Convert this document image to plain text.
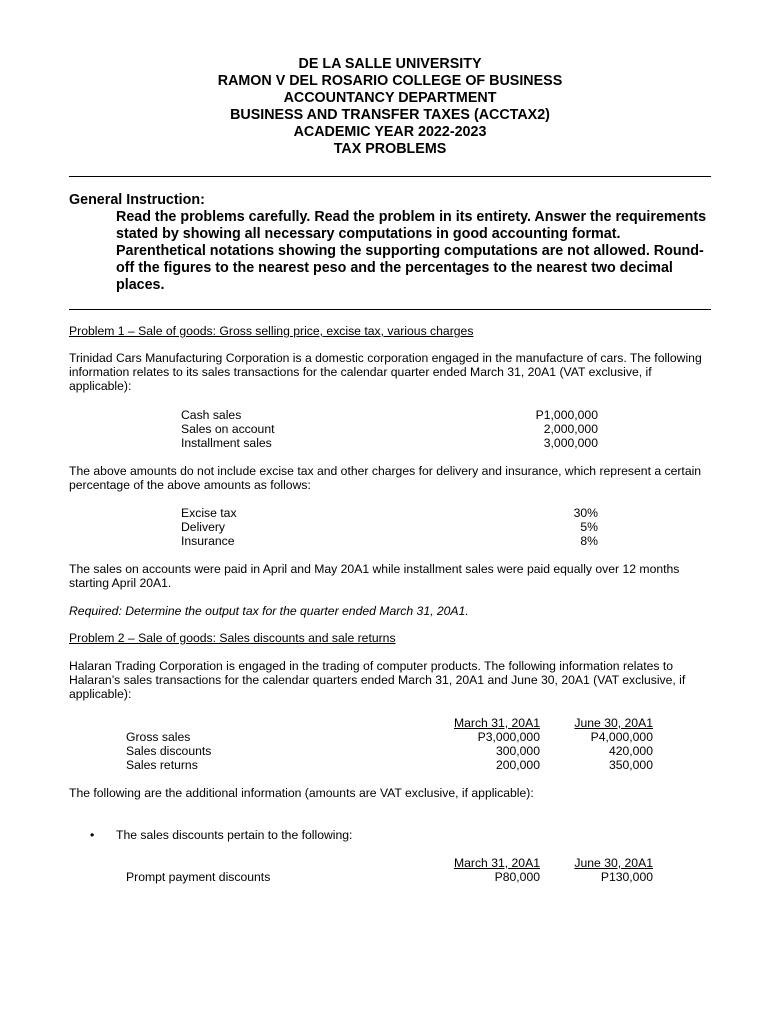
DE LA SALLE UNIVERSITY
RAMON V DEL ROSARIO COLLEGE OF BUSINESS
ACCOUNTANCY DEPARTMENT
BUSINESS AND TRANSFER TAXES (ACCTAX2)
ACADEMIC YEAR 2022-2023
TAX PROBLEMS
General Instruction:
Read the problems carefully. Read the problem in its entirety. Answer the requirements stated by showing all necessary computations in good accounting format. Parenthetical notations showing the supporting computations are not allowed. Round-off the figures to the nearest peso and the percentages to the nearest two decimal places.

Problem 1 – Sale of goods: Gross selling price, excise tax, various charges

Trinidad Cars Manufacturing Corporation is a domestic corporation engaged in the manufacture of cars. The following information relates to its sales transactions for the calendar quarter ended March 31, 20A1 (VAT exclusive, if applicable):

Cash sales	P1,000,000
Sales on account	2,000,000
Installment sales	3,000,000

The above amounts do not include excise tax and other charges for delivery and insurance, which represent a certain percentage of the above amounts as follows:

Excise tax	30%
Delivery	5%
Insurance	8%

The sales on accounts were paid in April and May 20A1 while installment sales were paid equally over 12 months starting April 20A1.

Required: Determine the output tax for the quarter ended March 31, 20A1.

Problem 2 – Sale of goods: Sales discounts and sale returns

Halaran Trading Corporation is engaged in the trading of computer products. The following information relates to Halaran’s sales transactions for the calendar quarters ended March 31, 20A1 and June 30, 20A1 (VAT exclusive, if applicable):

March 31, 20A1	June 30, 20A1
Gross sales	P3,000,000	P4,000,000
Sales discounts	300,000	420,000
Sales returns	200,000	350,000

The following are the additional information (amounts are VAT exclusive, if applicable):

• The sales discounts pertain to the following:
March 31, 20A1	June 30, 20A1
Prompt payment discounts	P80,000	P130,000
